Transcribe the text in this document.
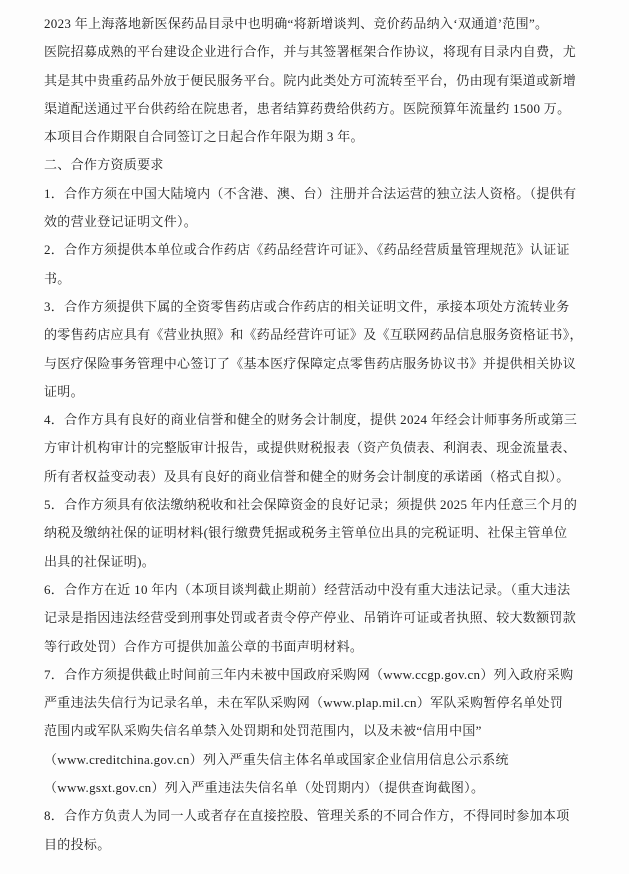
2023 年上海落地新医保药品目录中也明确“将新增谈判、竞价药品纳入‘双通道’范围”。
医院招募成熟的平台建设企业进行合作，并与其签署框架合作协议，将现有目录内自费，尤
其是其中贵重药品外放于便民服务平台。院内此类处方可流转至平台，仍由现有渠道或新增
渠道配送通过平台供药给在院患者，患者结算药费给供药方。医院预算年流量约 1500 万。
本项目合作期限自合同签订之日起合作年限为期 3 年。
二、合作方资质要求
1．合作方须在中国大陆境内（不含港、澳、台）注册并合法运营的独立法人资格。（提供有
效的营业登记证明文件）。
2．合作方须提供本单位或合作药店《药品经营许可证》、《药品经营质量管理规范》认证证
书。
3．合作方须提供下属的全资零售药店或合作药店的相关证明文件，承接本项处方流转业务
的零售药店应具有《营业执照》和《药品经营许可证》及《互联网药品信息服务资格证书》，
与医疗保险事务管理中心签订了《基本医疗保障定点零售药店服务协议书》并提供相关协议
证明。
4．合作方具有良好的商业信誉和健全的财务会计制度，提供 2024 年经会计师事务所或第三
方审计机构审计的完整版审计报告，或提供财税报表（资产负债表、利润表、现金流量表、
所有者权益变动表）及具有良好的商业信誉和健全的财务会计制度的承诺函（格式自拟）。
5．合作方须具有依法缴纳税收和社会保障资金的良好记录；须提供 2025 年内任意三个月的
纳税及缴纳社保的证明材料(银行缴费凭据或税务主管单位出具的完税证明、社保主管单位
出具的社保证明)。
6．合作方在近 10 年内（本项目谈判截止期前）经营活动中没有重大违法记录。（重大违法
记录是指因违法经营受到刑事处罚或者责令停产停业、吊销许可证或者执照、较大数额罚款
等行政处罚）合作方可提供加盖公章的书面声明材料。
7．合作方须提供截止时间前三年内未被中国政府采购网（www.ccgp.gov.cn）列入政府采购
严重违法失信行为记录名单，未在军队采购网（www.plap.mil.cn）军队采购暂停名单处罚
范围内或军队采购失信名单禁入处罚期和处罚范围内，以及未被“信用中国”
（www.creditchina.gov.cn）列入严重失信主体名单或国家企业信用信息公示系统
（www.gsxt.gov.cn）列入严重违法失信名单（处罚期内）（提供查询截图）。
8．合作方负责人为同一人或者存在直接控股、管理关系的不同合作方，不得同时参加本项
目的投标。
